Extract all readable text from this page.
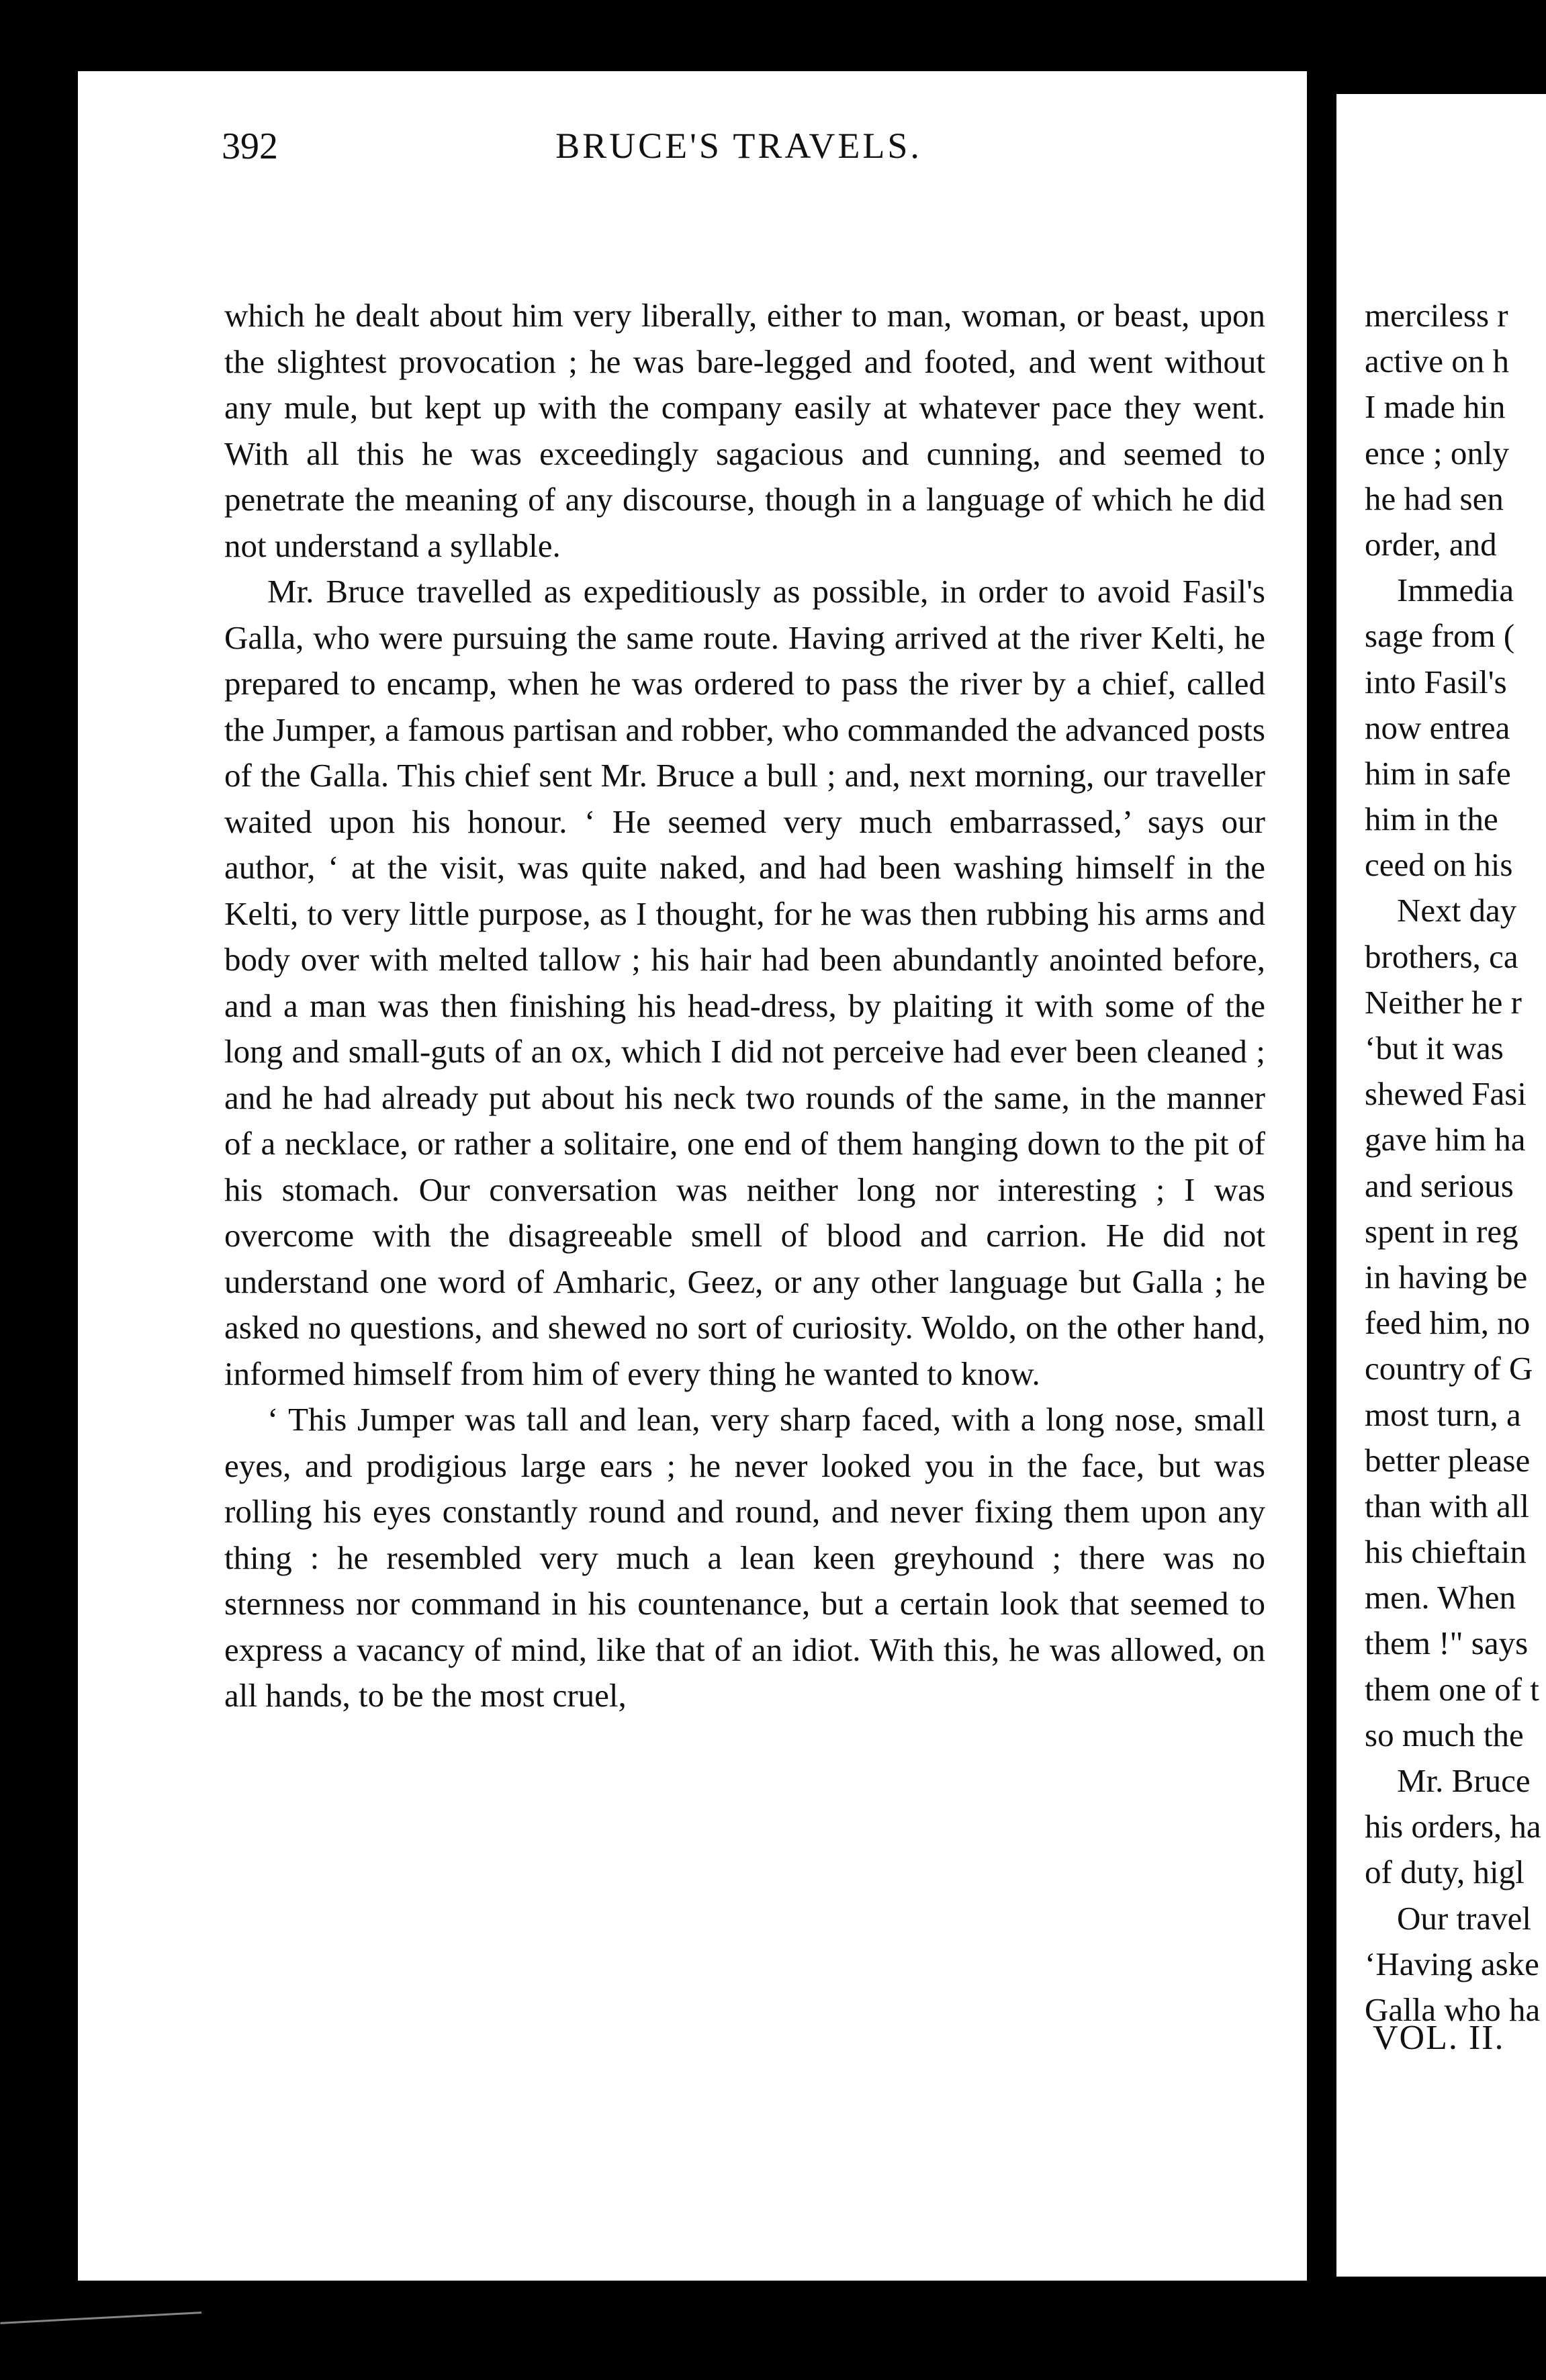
392	BRUCE'S TRAVELS.

which he dealt about him very liberally, either to man, woman, or beast, upon the slightest provocation ; he was bare-legged and footed, and went without any mule, but kept up with the company easily at whatever pace they went. With all this he was exceedingly sagacious and cunning, and seemed to penetrate the meaning of any discourse, though in a language of which he did not understand a syllable.

Mr. Bruce travelled as expeditiously as possible, in order to avoid Fasil's Galla, who were pursuing the same route. Having arrived at the river Kelti, he prepared to encamp, when he was ordered to pass the river by a chief, called the Jumper, a famous partisan and robber, who commanded the advanced posts of the Galla. This chief sent Mr. Bruce a bull ; and, next morning, our traveller waited upon his honour. ‘ He seemed very much embarrassed,’ says our author, ‘ at the visit, was quite naked, and had been washing himself in the Kelti, to very little purpose, as I thought, for he was then rubbing his arms and body over with melted tallow ; his hair had been abundantly anointed before, and a man was then finishing his head-dress, by plaiting it with some of the long and small-guts of an ox, which I did not perceive had ever been cleaned ; and he had already put about his neck two rounds of the same, in the manner of a necklace, or rather a solitaire, one end of them hanging down to the pit of his stomach. Our conversation was neither long nor interesting ; I was overcome with the disagreeable smell of blood and carrion. He did not understand one word of Amharic, Geez, or any other language but Galla ; he asked no questions, and shewed no sort of curiosity. Woldo, on the other hand, informed himself from him of every thing he wanted to know.

‘ This Jumper was tall and lean, very sharp faced, with a long nose, small eyes, and prodigious large ears ; he never looked you in the face, but was rolling his eyes constantly round and round, and never fixing them upon any thing : he resembled very much a lean keen greyhound ; there was no sternness nor command in his countenance, but a certain look that seemed to express a vacancy of mind, like that of an idiot. With this, he was allowed, on all hands, to be the most cruel,

merciless r
active on h
I made hin
ence ; only
he had sen
order, and
Immedia
sage from (
into Fasil's
now entrea
him in safe
him in the
ceed on his
Next day
brothers, ca
Neither he r
‘but it was
shewed Fasi
gave him ha
and serious
spent in reg
in having be
feed him, no
country of G
most turn, a
better please
than with all
his chieftain
men. When
them !" says
them one of t
so much the
Mr. Bruce
his orders, ha
of duty, higl
Our travel
‘Having aske
Galla who ha
VOL. II.
